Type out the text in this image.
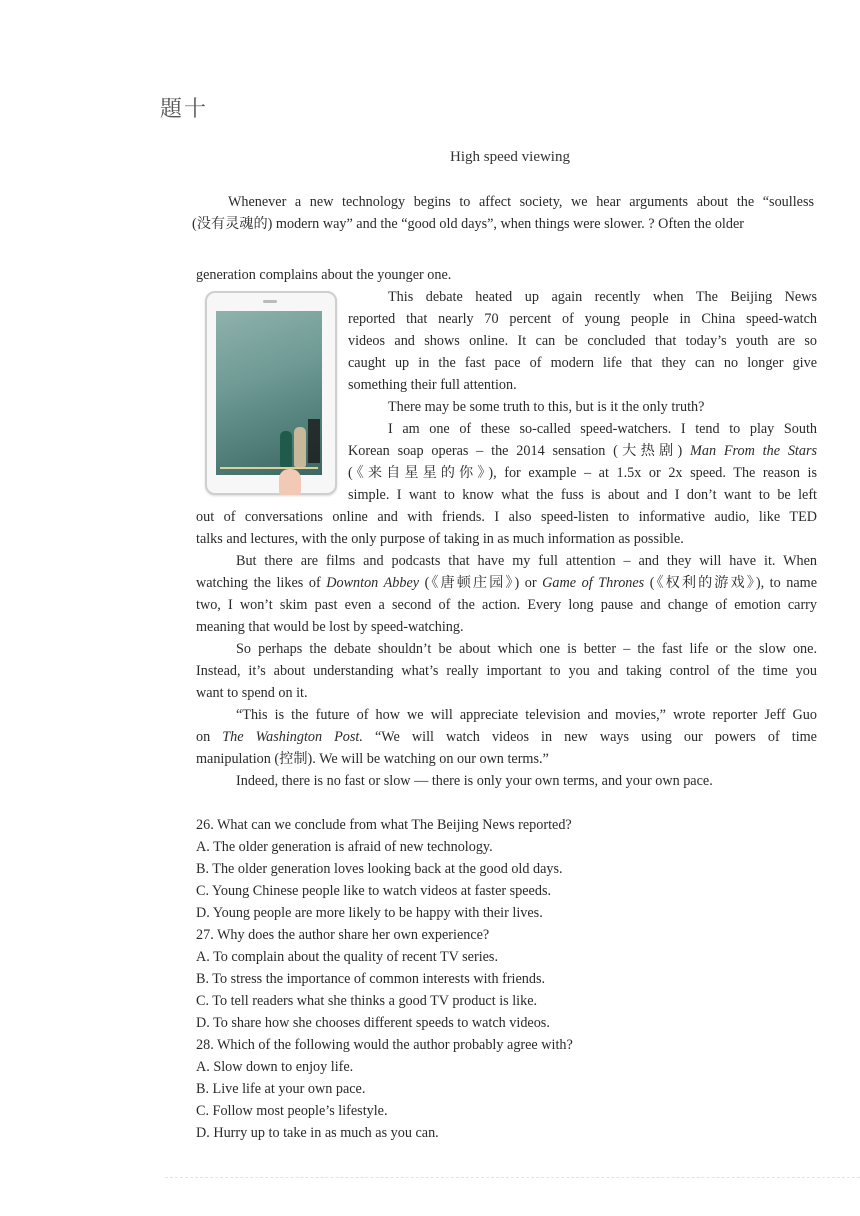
題十
High speed viewing
Whenever a new technology begins to affect society, we hear arguments about the “soulless
(没有灵魂的) modern way” and the “good old days”, when things were slower. ? Often the older
generation complains about the younger one.
This debate heated up again recently when The Beijing News
reported that nearly 70 percent of young people in China speed-watch
videos and shows online. It can be concluded that today’s youth are so
caught up in the fast pace of modern life that they can no longer give
something their full attention.
There may be some truth to this, but is it the only truth?
I am one of these so-called speed-watchers. I tend to play South
Korean soap operas – the 2014 sensation (大热剧) Man From the Stars
(《来自星星的你》), for example – at 1.5x or 2x speed. The reason is
simple. I want to know what the fuss is about and I don’t want to be left
out of conversations online and with friends. I also speed-listen to informative audio, like TED
talks and lectures, with the only purpose of taking in as much information as possible.
But there are films and podcasts that have my full attention – and they will have it. When
watching the likes of Downton Abbey (《唐顿庄园》) or Game of Thrones (《权利的游戏》), to name
two, I won’t skim past even a second of the action. Every long pause and change of emotion carry
meaning that would be lost by speed-watching.
So perhaps the debate shouldn’t be about which one is better – the fast life or the slow one.
Instead, it’s about understanding what’s really important to you and taking control of the time you
want to spend on it.
“This is the future of how we will appreciate television and movies,” wrote reporter Jeff Guo
on The Washington Post. “We will watch videos in new ways using our powers of time
manipulation (控制). We will be watching on our own terms.”
Indeed, there is no fast or slow — there is only your own terms, and your own pace.
26. What can we conclude from what The Beijing News reported?
A. The older generation is afraid of new technology.
B. The older generation loves looking back at the good old days.
C. Young Chinese people like to watch videos at faster speeds.
D. Young people are more likely to be happy with their lives.
27. Why does the author share her own experience?
A. To complain about the quality of recent TV series.
B. To stress the importance of common interests with friends.
C. To tell readers what she thinks a good TV product is like.
D. To share how she chooses different speeds to watch videos.
28. Which of the following would the author probably agree with?
A. Slow down to enjoy life.
B. Live life at your own pace.
C. Follow most people’s lifestyle.
D. Hurry up to take in as much as you can.
